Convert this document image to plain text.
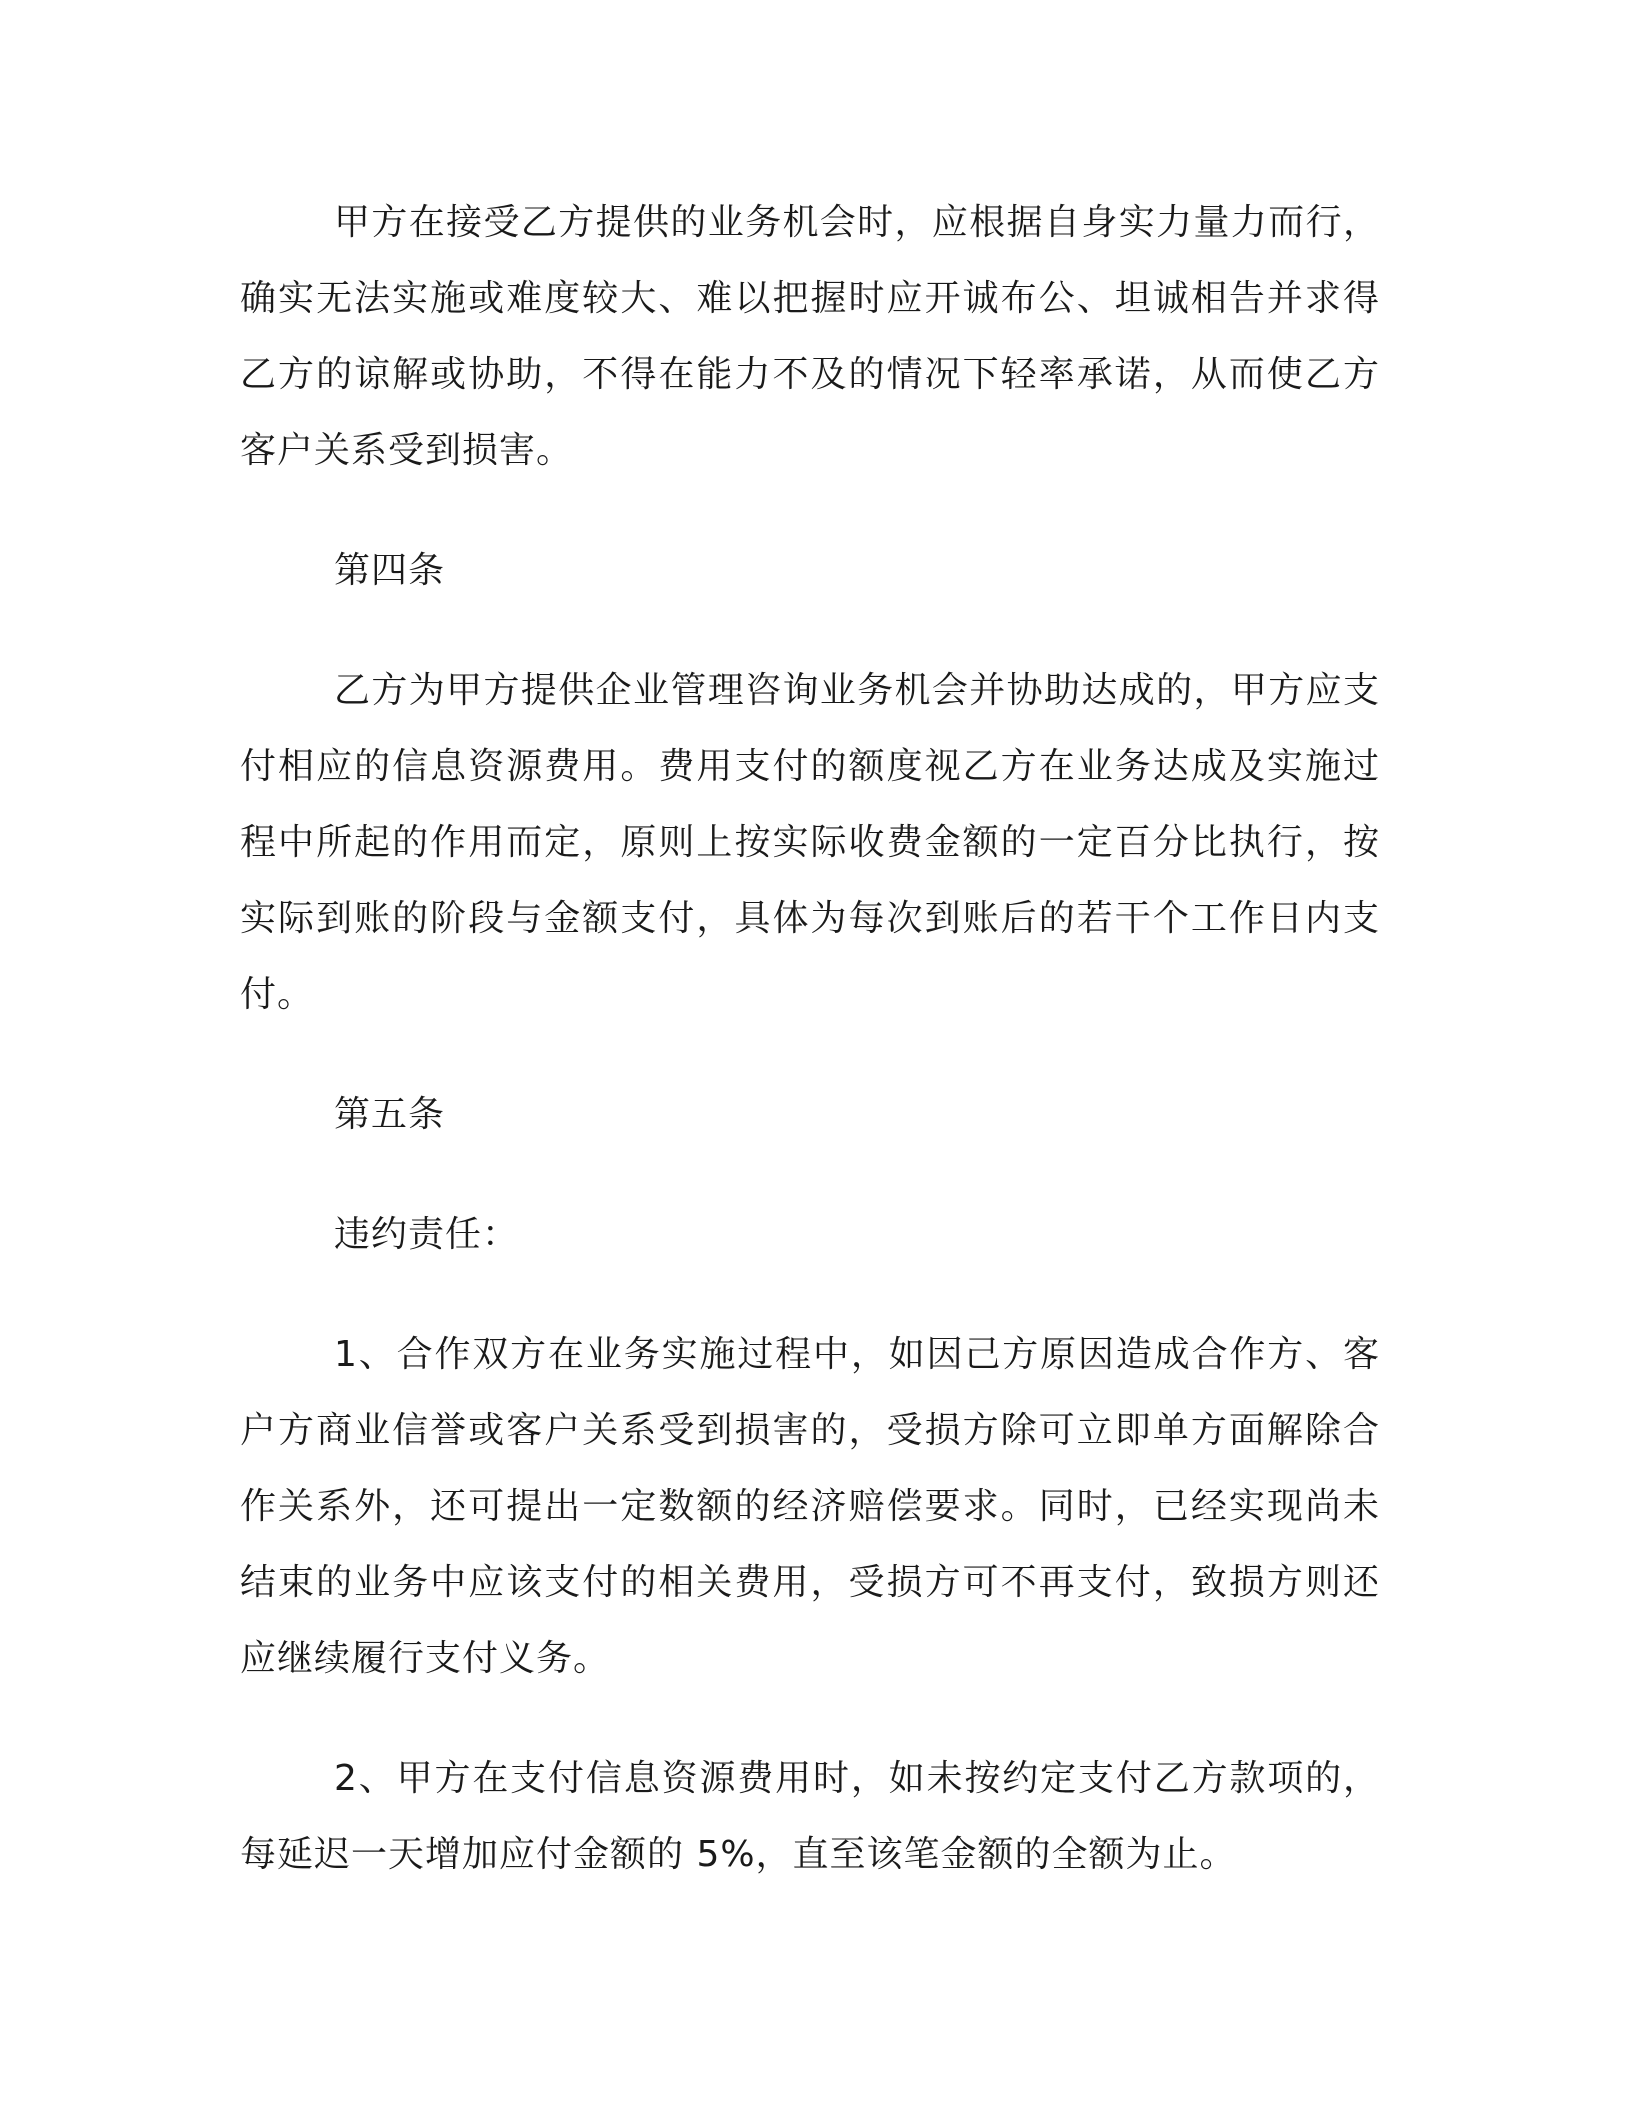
甲方在接受乙方提供的业务机会时，应根据自身实力量力而行，确实无法实施或难度较大、难以把握时应开诚布公、坦诚相告并求得乙方的谅解或协助，不得在能力不及的情况下轻率承诺，从而使乙方客户关系受到损害。

第四条

乙方为甲方提供企业管理咨询业务机会并协助达成的，甲方应支付相应的信息资源费用。费用支付的额度视乙方在业务达成及实施过程中所起的作用而定，原则上按实际收费金额的一定百分比执行，按实际到账的阶段与金额支付，具体为每次到账后的若干个工作日内支付。

第五条

违约责任：

1、合作双方在业务实施过程中，如因己方原因造成合作方、客户方商业信誉或客户关系受到损害的，受损方除可立即单方面解除合作关系外，还可提出一定数额的经济赔偿要求。同时，已经实现尚未结束的业务中应该支付的相关费用，受损方可不再支付，致损方则还应继续履行支付义务。

2、甲方在支付信息资源费用时，如未按约定支付乙方款项的，每延迟一天增加应付金额的 5%，直至该笔金额的全额为止。
